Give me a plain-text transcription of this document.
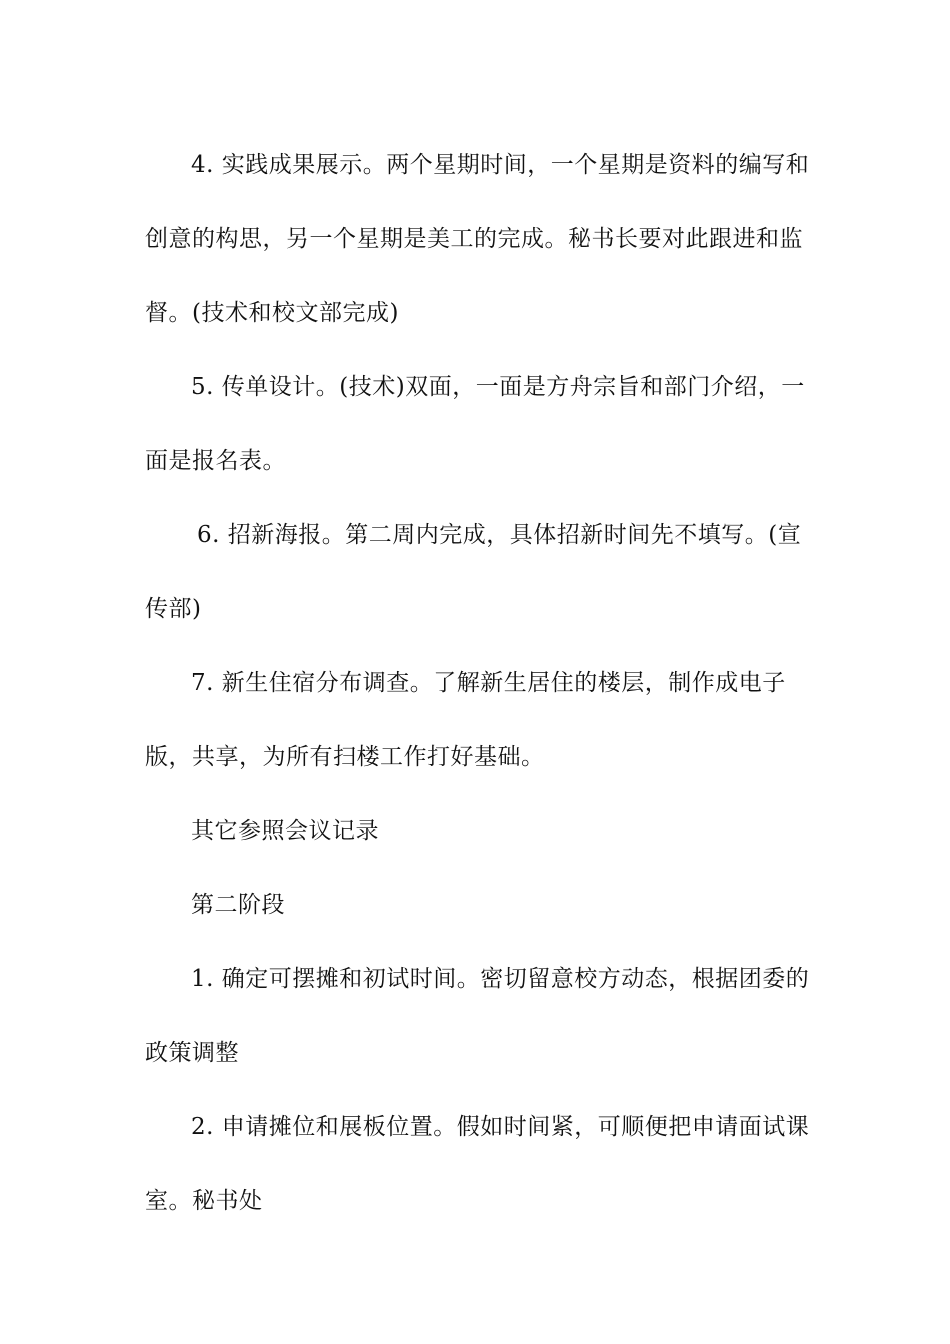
4. 实践成果展示。两个星期时间，一个星期是资料的编写和创意的构思，另一个星期是美工的完成。秘书长要对此跟进和监督。(技术和校文部完成)

5. 传单设计。(技术)双面，一面是方舟宗旨和部门介绍，一面是报名表。

6. 招新海报。第二周内完成，具体招新时间先不填写。(宣传部)

7. 新生住宿分布调查。了解新生居住的楼层，制作成电子版，共享，为所有扫楼工作打好基础。

其它参照会议记录

第二阶段

1. 确定可摆摊和初试时间。密切留意校方动态，根据团委的政策调整

2. 申请摊位和展板位置。假如时间紧，可顺便把申请面试课室。秘书处
